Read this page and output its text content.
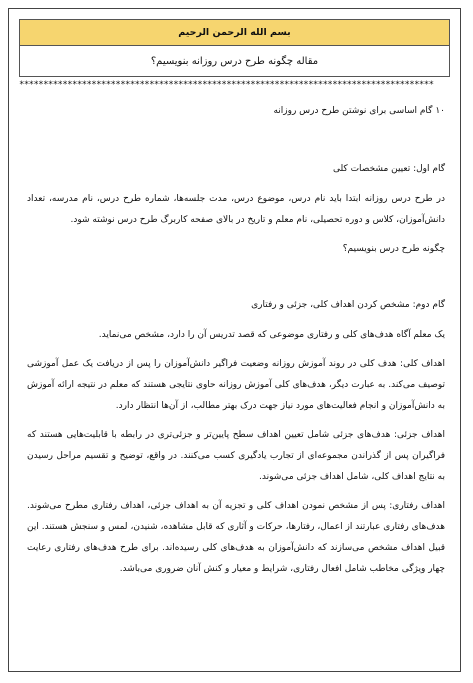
بسم الله الرحمن الرحیم
مقاله چگونه طرح درس روزانه بنویسیم؟
**************************************************************************************

۱۰ گام اساسی برای نوشتن طرح درس روزانه

گام اول: تعیین مشخصات کلی

در طرح درس روزانه ابتدا باید نام درس، موضوع درس، مدت جلسه‌ها، شماره طرح درس، نام مدرسه، تعداد دانش‌آموزان، کلاس و دوره تحصیلی، نام معلم و تاریخ در بالای صفحه کاربرگ طرح درس نوشته شود.

چگونه طرح درس بنویسیم؟

گام دوم: مشخص کردن اهداف کلی، جزئی و رفتاری

یک معلم آگاه هدف‌های کلی و رفتاری موضوعی که قصد تدریس آن را دارد، مشخص می‌نماید.

اهداف کلی: هدف کلی در روند آموزش روزانه وضعیت فراگیر دانش‌آموزان را پس از دریافت یک عمل آموزشی توصیف می‌کند. به عبارت دیگر، هدف‌های کلی آموزش روزانه حاوی نتایجی هستند که معلم در نتیجه ارائه آموزش به دانش‌آموزان و انجام فعالیت‌های مورد نیاز جهت درک بهتر مطالب، از آن‌ها انتظار دارد.

اهداف جزئی: هدف‌های جزئی شامل تعیین اهداف سطح پایین‌تر و جزئی‌تری در رابطه با قابلیت‌هایی هستند که فراگیران پس از گذراندن مجموعه‌ای از تجارب یادگیری کسب می‌کنند. در واقع، توضیح و تقسیم مراحل رسیدن به نتایج اهداف کلی، شامل اهداف جزئی می‌شوند.

اهداف رفتاری: پس از مشخص نمودن اهداف کلی و تجزیه آن به اهداف جزئی، اهداف رفتاری مطرح می‌شوند. هدف‌های رفتاری عبارتند از اعمال، رفتارها، حرکات و آثاری که قابل مشاهده، شنیدن، لمس و سنجش هستند. این قبیل اهداف مشخص می‌سازند که دانش‌آموزان به هدف‌های کلی رسیده‌اند. برای طرح هدف‌های رفتاری رعایت چهار ویژگی مخاطب شامل افعال رفتاری، شرایط و معیار و کنش آنان ضروری می‌باشد.
